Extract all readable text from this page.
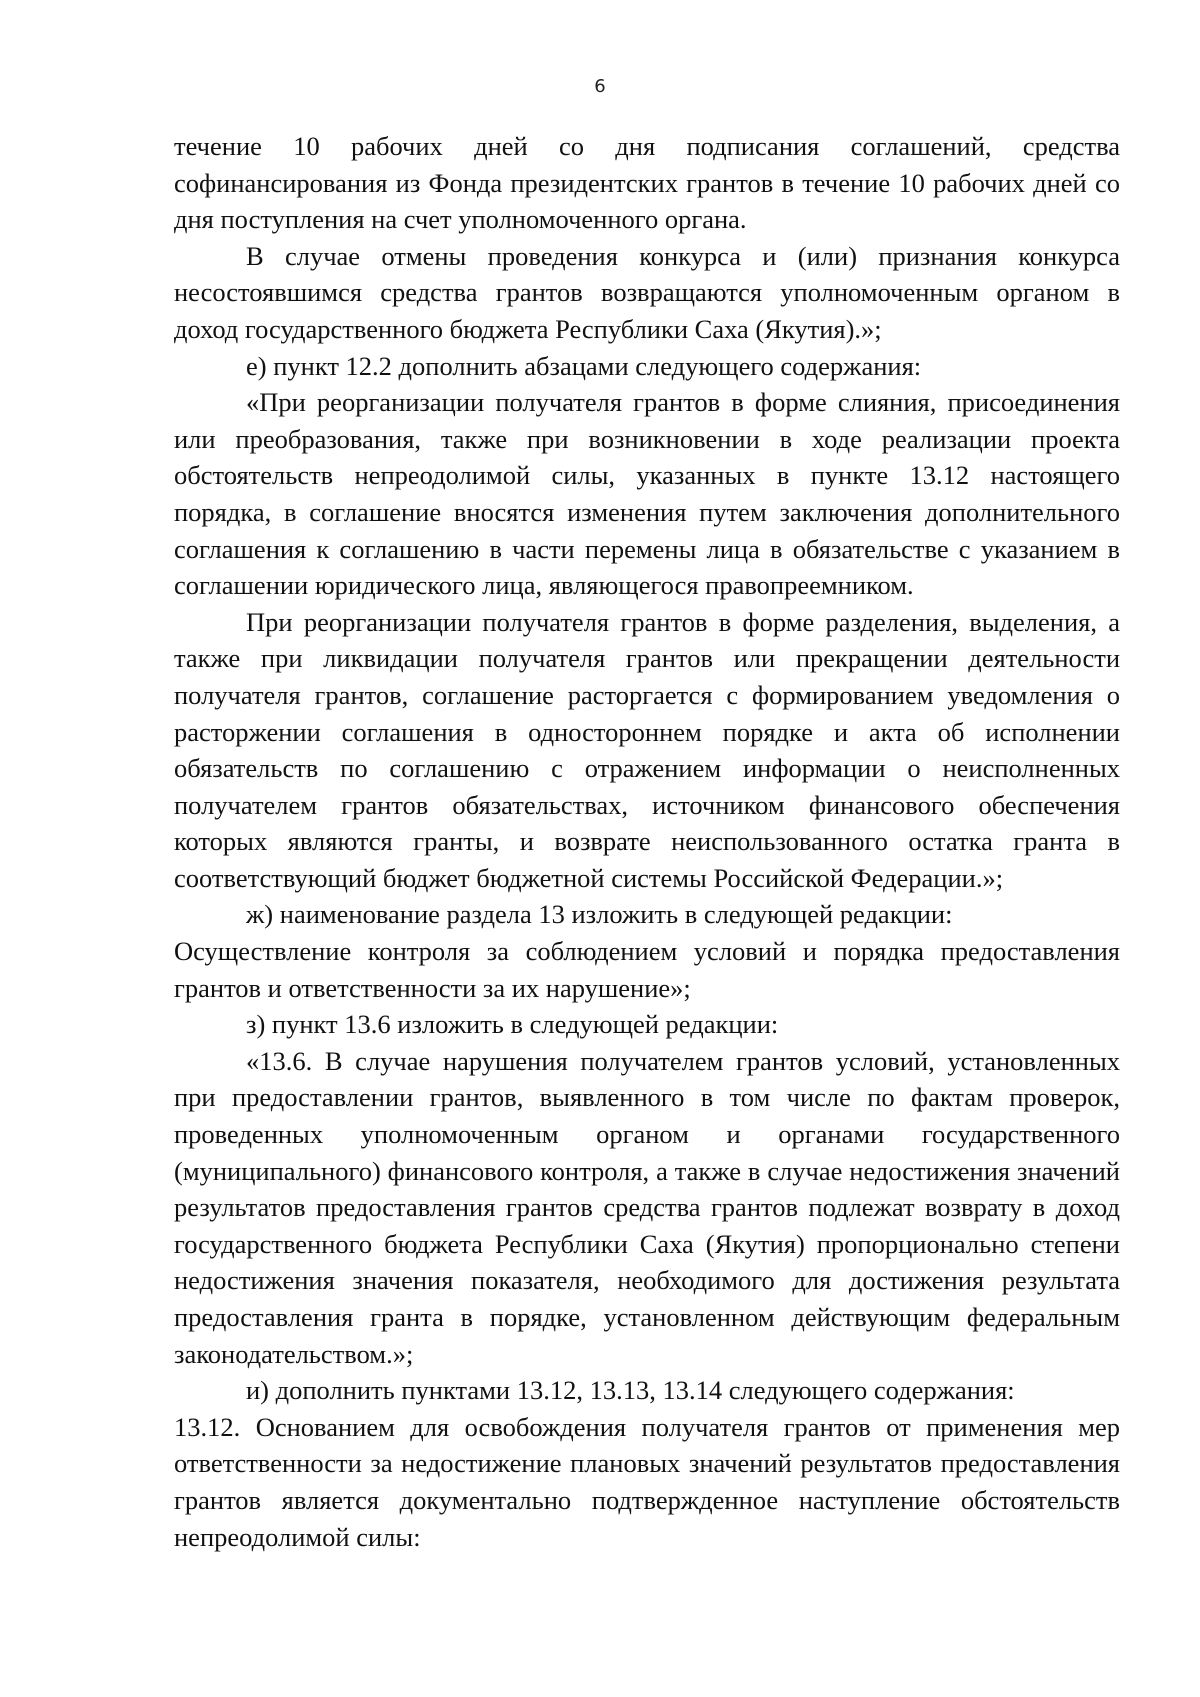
6

течение 10 рабочих дней со дня подписания соглашений, средства софинансирования из Фонда президентских грантов в течение 10 рабочих дней со дня поступления на счет уполномоченного органа.

В случае отмены проведения конкурса и (или) признания конкурса несостоявшимся средства грантов возвращаются уполномоченным органом в доход государственного бюджета Республики Саха (Якутия).»;

е) пункт 12.2 дополнить абзацами следующего содержания:

«При реорганизации получателя грантов в форме слияния, присоединения или преобразования, также при возникновении в ходе реализации проекта обстоятельств непреодолимой силы, указанных в пункте 13.12 настоящего порядка, в соглашение вносятся изменения путем заключения дополнительного соглашения к соглашению в части перемены лица в обязательстве с указанием в соглашении юридического лица, являющегося правопреемником.

При реорганизации получателя грантов в форме разделения, выделения, а также при ликвидации получателя грантов или прекращении деятельности получателя грантов, соглашение расторгается с формированием уведомления о расторжении соглашения в одностороннем порядке и акта об исполнении обязательств по соглашению с отражением информации о неисполненных получателем грантов обязательствах, источником финансового обеспечения которых являются гранты, и возврате неиспользованного остатка гранта в соответствующий бюджет бюджетной системы Российской Федерации.»;

ж) наименование раздела 13 изложить в следующей редакции:

Осуществление контроля за соблюдением условий и порядка предоставления грантов и ответственности за их нарушение»;

з) пункт 13.6 изложить в следующей редакции:

«13.6. В случае нарушения получателем грантов условий, установленных при предоставлении грантов, выявленного в том числе по фактам проверок, проведенных уполномоченным органом и органами государственного (муниципального) финансового контроля, а также в случае недостижения значений результатов предоставления грантов средства грантов подлежат возврату в доход государственного бюджета Республики Саха (Якутия) пропорционально степени недостижения значения показателя, необходимого для достижения результата предоставления гранта в порядке, установленном действующим федеральным законодательством.»;

и) дополнить пунктами 13.12, 13.13, 13.14 следующего содержания:

13.12. Основанием для освобождения получателя грантов от применения мер ответственности за недостижение плановых значений результатов предоставления грантов является документально подтвержденное наступление обстоятельств непреодолимой силы:
